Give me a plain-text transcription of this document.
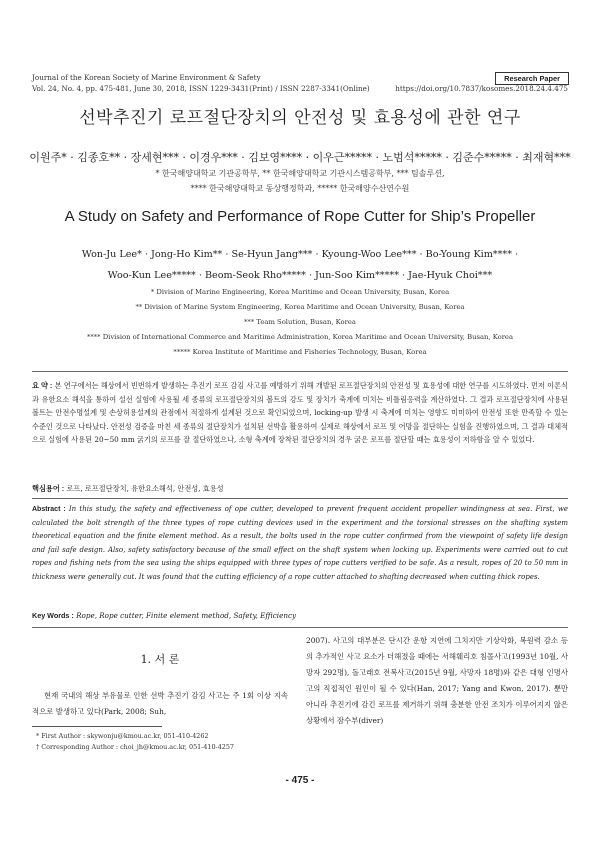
Journal of the Korean Society of Marine Environment & Safety
Vol. 24, No. 4, pp. 475-481, June 30, 2018, ISSN 1229-3431(Print) / ISSN 2287-3341(Online)
Research Paper
https://doi.org/10.7837/kosomes.2018.24.4.475
선박추진기 로프절단장치의 안전성 및 효용성에 관한 연구
이원주* · 김종호** · 장세현*** · 이경우*** · 김보영**** · 이우근***** · 노범석***** · 김준수***** · 최재혁***
* 한국해양대학교 기관공학부, ** 한국해양대학교 기관시스템공학부, *** 팀솔루션,
**** 한국해양대학교 동상행정학과, ***** 한국해양수산연수원
A Study on Safety and Performance of Rope Cutter for Ship’s Propeller
Won-Ju Lee* · Jong-Ho Kim** · Se-Hyun Jang*** · Kyoung-Woo Lee*** · Bo-Young Kim**** ·
Woo-Kun Lee***** · Beom-Seok Rho***** · Jun-Soo Kim***** · Jae-Hyuk Choi***
* Division of Marine Engineering, Korea Maritime and Ocean University, Busan, Korea
** Division of Marine System Engineering, Korea Maritime and Ocean University, Busan, Korea
*** Team Solution, Busan, Korea
**** Division of International Commerce and Maritime Administration, Korea Maritime and Ocean University, Busan, Korea
***** Korea Institute of Maritime and Fisheries Technology, Busan, Korea
요 약 : 본 연구에서는 해상에서 빈번하게 발생하는 추진기 로프 감김 사고를 예방하기 위해 개발된 로프절단장치의 안전성 및 효용성에 대한 연구를 시도하였다. 먼저 이론식과 유한요소 해석을 통하여 설선 실험에 사용될 세 종류의 로프절단장치의 볼트의 강도 및 장치가 축계에 미치는 비틀림응력을 계산하였다. 그 결과 로프절단장치에 사용된 볼트는 안전수명설계 및 손상허용설계의 관점에서 적절하게 설계된 것으로 확인되었으며, locking-up 발생 시 축계에 미치는 영향도 미미하여 안전성 또한 만족할 수 있는 수준인 것으로 나타났다. 안전성 검증을 마친 세 종류의 절단장치가 설치된 선박을 활용하여 실제로 해상에서 로프 및 어망을 절단하는 실험을 진행하였으며, 그 결과 대체적으로 실험에 사용된 20~50 mm 굵기의 로프를 잘 절단하였으나, 소형 축계에 장착된 절단장치의 경우 굵은 로프를 절단할 때는 효용성이 저하함을 알 수 있었다.
핵심용어 : 로프, 로프절단장치, 유한요소해석, 안전성, 효용성
Abstract : In this study, the safety and effectiveness of ope cutter, developed to prevent frequent accident propeller windingness at sea. First, we calculated the bolt strength of the three types of rope cutting devices used in the experiment and the torsional stresses on the shafting system theoretical equation and the finite element method. As a result, the bolts used in the rope cutter confirmed from the viewpoint of safety life design and fail safe design. Also, safety satisfactory because of the small effect on the shaft system when locking up. Experiments were carried out to cut ropes and fishing nets from the sea using the ships equipped with three types of rope cutters verified to be safe. As a result, ropes of 20 to 50 mm in thickness were generally cut. It was found that the cutting efficiency of a rope cutter attached to shafting decreased when cutting thick ropes.
Key Words : Rope, Rope cutter, Finite element method, Safety, Efficiency
1. 서 론
현재 국내의 해상 부유물로 인한 선박 추진기 감김 사고는 주 1회 이상 지속적으로 발생하고 있다(Park, 2008; Suh,
2007). 사고의 대부분은 단시간 운항 지연에 그치지만 기상악화, 복원력 감소 등의 추가적인 사고 요소가 더해졌을 때에는 서해훼리호 침몰사고(1993년 10월, 사망자 292명), 돌고래호 전복사고(2015년 9월, 사망자 18명)와 같은 대형 인명사고의 직접적인 원인이 될 수 있다(Han, 2017; Yang and Kwon, 2017). 뿐만 아니라 추진기에 감긴 로프를 제거하기 위해 충분한 안전 조치가 이루어지지 않은 상황에서 잠수부(diver)
* First Author : skywonju@kmou.ac.kr, 051-410-4262
† Corresponding Author : choi_jh@kmou.ac.kr, 051-410-4257
- 475 -
